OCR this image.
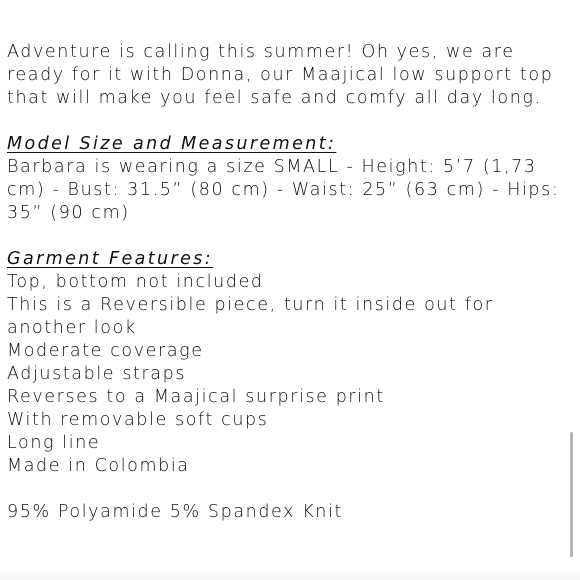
Adventure is calling this summer! Oh yes, we are ready for it with Donna, our Maajical low support top that will make you feel safe and comfy all day long.

Model Size and Measurement:

Barbara is wearing a size SMALL - Height: 5’7 (1,73 cm) - Bust: 31.5” (80 cm) - Waist: 25” (63 cm) - Hips: 35” (90 cm)

Garment Features:

Top, bottom not included

This is a Reversible piece, turn it inside out for another look

Moderate coverage

Adjustable straps

Reverses to a Maajical surprise print

With removable soft cups

Long line

Made in Colombia

95% Polyamide 5% Spandex Knit
